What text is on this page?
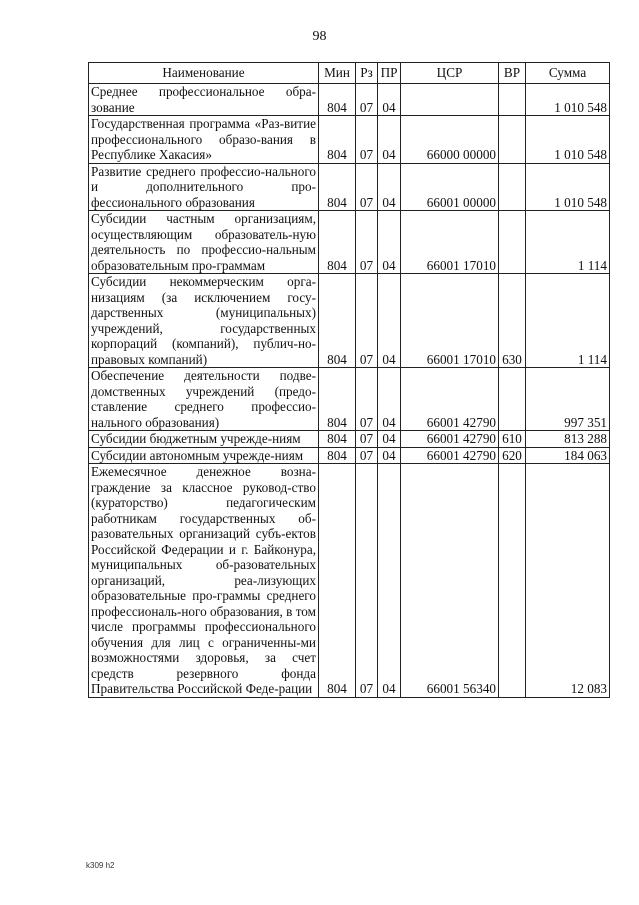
98
Наименование	Мин	Рз	ПР	ЦСР	ВР	Сумма
Среднее профессиональное обра-зование	804	07	04			1 010 548
Государственная программа «Раз-витие профессионального образо-вания в Республике Хакасия»	804	07	04	66000 00000		1 010 548
Развитие среднего профессио-нального и дополнительного про-фессионального образования	804	07	04	66001 00000		1 010 548
Субсидии частным организациям, осуществляющим образователь-ную деятельность по профессио-нальным образовательным про-граммам	804	07	04	66001 17010		1 114
Субсидии некоммерческим орга-низациям (за исключением госу-дарственных (муниципальных) учреждений, государственных корпораций (компаний), публич-но-правовых компаний)	804	07	04	66001 17010	630	1 114
Обеспечение деятельности подве-домственных учреждений (предо-ставление среднего профессио-нального образования)	804	07	04	66001 42790		997 351
Субсидии бюджетным учрежде-ниям	804	07	04	66001 42790	610	813 288
Субсидии автономным учрежде-ниям	804	07	04	66001 42790	620	184 063
Ежемесячное денежное возна-граждение за классное руковод-ство (кураторство) педагогическим работникам государственных об-разовательных организаций субъ-ектов Российской Федерации и г. Байконура, муниципальных об-разовательных организаций, реа-лизующих образовательные про-граммы среднего профессиональ-ного образования, в том числе программы профессионального обучения для лиц с ограниченны-ми возможностями здоровья, за счет средств резервного фонда Правительства Российской Феде-рации	804	07	04	66001 56340		12 083
k309 h2
